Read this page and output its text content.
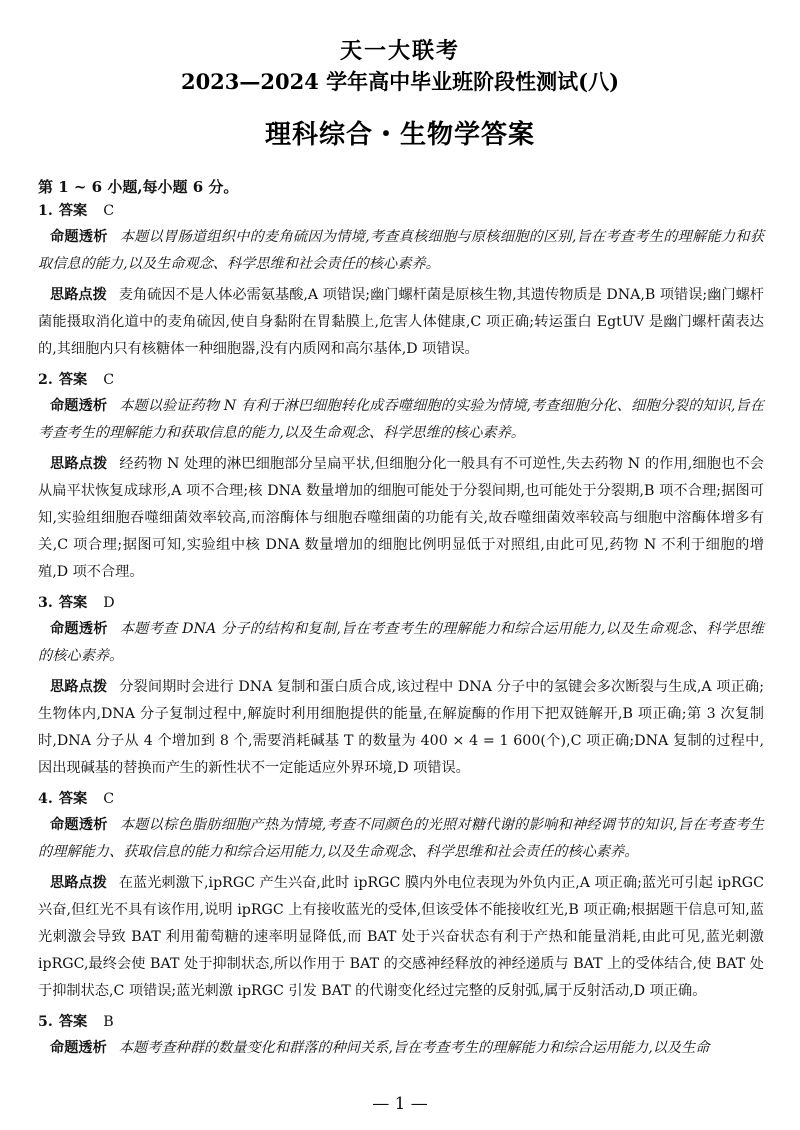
天一大联考
2023—2024 学年高中毕业班阶段性测试(八)
理科综合・生物学答案
第 1 ~ 6 小题,每小题 6 分。
1. 答案 C

命题透析 本题以胃肠道组织中的麦角硫因为情境,考查真核细胞与原核细胞的区别,旨在考查考生的理解能力和获取信息的能力,以及生命观念、科学思维和社会责任的核心素养。

思路点拨 麦角硫因不是人体必需氨基酸,A 项错误;幽门螺杆菌是原核生物,其遗传物质是 DNA,B 项错误;幽门螺杆菌能摄取消化道中的麦角硫因,使自身黏附在胃黏膜上,危害人体健康,C 项正确;转运蛋白 EgtUV 是幽门螺杆菌表达的,其细胞内只有核糖体一种细胞器,没有内质网和高尔基体,D 项错误。

2. 答案 C

命题透析 本题以验证药物 N 有利于淋巴细胞转化成吞噬细胞的实验为情境,考查细胞分化、细胞分裂的知识,旨在考查考生的理解能力和获取信息的能力,以及生命观念、科学思维的核心素养。

思路点拨 经药物 N 处理的淋巴细胞部分呈扁平状,但细胞分化一般具有不可逆性,失去药物 N 的作用,细胞也不会从扁平状恢复成球形,A 项不合理;核 DNA 数量增加的细胞可能处于分裂间期,也可能处于分裂期,B 项不合理;据图可知,实验组细胞吞噬细菌效率较高,而溶酶体与细胞吞噬细菌的功能有关,故吞噬细菌效率较高与细胞中溶酶体增多有关,C 项合理;据图可知,实验组中核 DNA 数量增加的细胞比例明显低于对照组,由此可见,药物 N 不利于细胞的增殖,D 项不合理。

3. 答案 D

命题透析 本题考查 DNA 分子的结构和复制,旨在考查考生的理解能力和综合运用能力,以及生命观念、科学思维的核心素养。

思路点拨 分裂间期时会进行 DNA 复制和蛋白质合成,该过程中 DNA 分子中的氢键会多次断裂与生成,A 项正确;生物体内,DNA 分子复制过程中,解旋时利用细胞提供的能量,在解旋酶的作用下把双链解开,B 项正确;第 3 次复制时,DNA 分子从 4 个增加到 8 个,需要消耗碱基 T 的数量为 400 × 4 = 1 600(个),C 项正确;DNA 复制的过程中,因出现碱基的替换而产生的新性状不一定能适应外界环境,D 项错误。

4. 答案 C

命题透析 本题以棕色脂肪细胞产热为情境,考查不同颜色的光照对糖代谢的影响和神经调节的知识,旨在考查考生的理解能力、获取信息的能力和综合运用能力,以及生命观念、科学思维和社会责任的核心素养。

思路点拨 在蓝光刺激下,ipRGC 产生兴奋,此时 ipRGC 膜内外电位表现为外负内正,A 项正确;蓝光可引起 ipRGC 兴奋,但红光不具有该作用,说明 ipRGC 上有接收蓝光的受体,但该受体不能接收红光,B 项正确;根据题干信息可知,蓝光刺激会导致 BAT 利用葡萄糖的速率明显降低,而 BAT 处于兴奋状态有利于产热和能量消耗,由此可见,蓝光刺激 ipRGC,最终会使 BAT 处于抑制状态,所以作用于 BAT 的交感神经释放的神经递质与 BAT 上的受体结合,使 BAT 处于抑制状态,C 项错误;蓝光刺激 ipRGC 引发 BAT 的代谢变化经过完整的反射弧,属于反射活动,D 项正确。

5. 答案 B

命题透析 本题考查种群的数量变化和群落的种间关系,旨在考查考生的理解能力和综合运用能力,以及生命

— 1 —
